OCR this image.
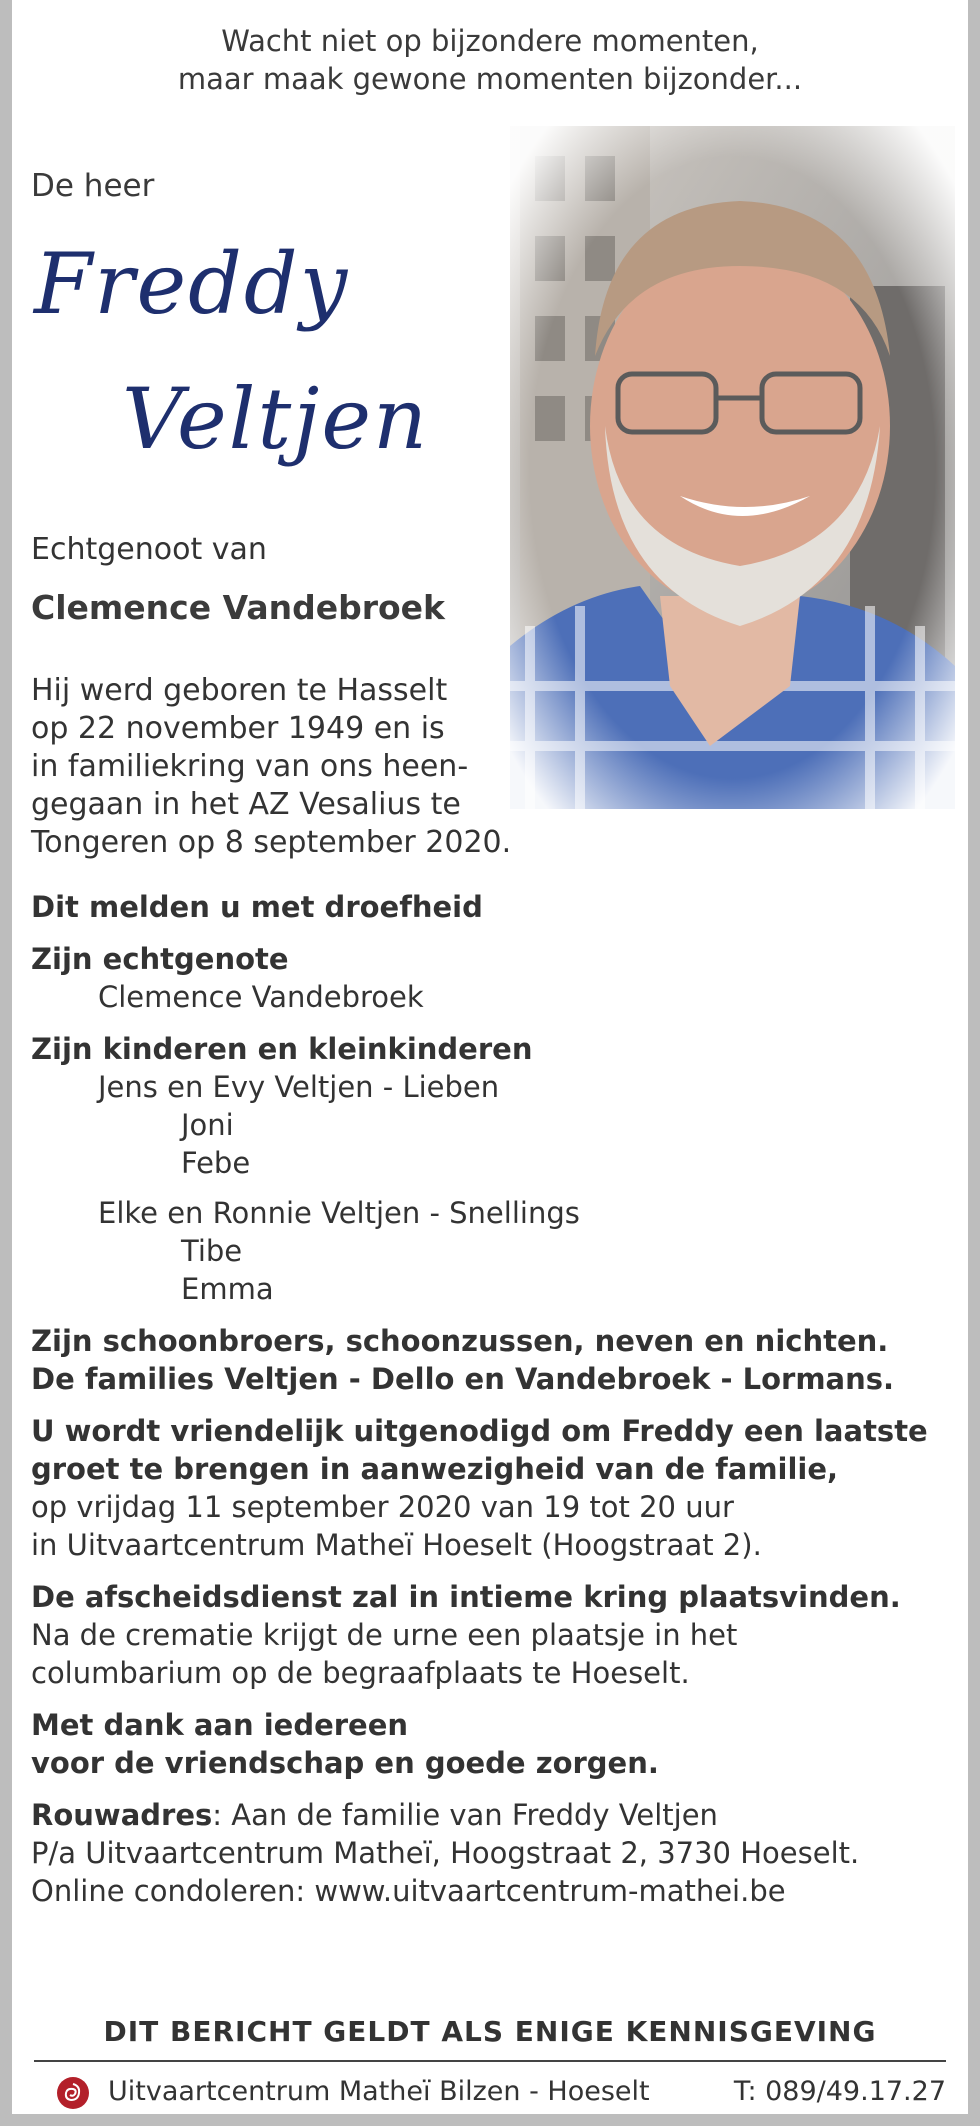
Wacht niet op bijzondere momenten,
maar maak gewone momenten bijzonder...
De heer
Freddy
Veltjen
Echtgenoot van
Clemence Vandebroek
Hij werd geboren te Hasselt
op 22 november 1949 en is
in familiekring van ons heen-
gegaan in het AZ Vesalius te
Tongeren op 8 september 2020.
Dit melden u met droefheid
Zijn echtgenote
Clemence Vandebroek
Zijn kinderen en kleinkinderen
Jens en Evy Veltjen - Lieben
Joni
Febe
Elke en Ronnie Veltjen - Snellings
Tibe
Emma
Zijn schoonbroers, schoonzussen, neven en nichten.
De families Veltjen - Dello en Vandebroek - Lormans.
U wordt vriendelijk uitgenodigd om Freddy een laatste
groet te brengen in aanwezigheid van de familie,
op vrijdag 11 september 2020 van 19 tot 20 uur
in Uitvaartcentrum Matheï Hoeselt (Hoogstraat 2).
De afscheidsdienst zal in intieme kring plaatsvinden.
Na de crematie krijgt de urne een plaatsje in het
columbarium op de begraafplaats te Hoeselt.
Met dank aan iedereen
voor de vriendschap en goede zorgen.
Rouwadres: Aan de familie van Freddy Veltjen
P/a Uitvaartcentrum Matheï, Hoogstraat 2, 3730 Hoeselt.
Online condoleren: www.uitvaartcentrum-mathei.be
DIT BERICHT GELDT ALS ENIGE KENNISGEVING
Uitvaartcentrum Matheï Bilzen - Hoeselt	T: 089/49.17.27
